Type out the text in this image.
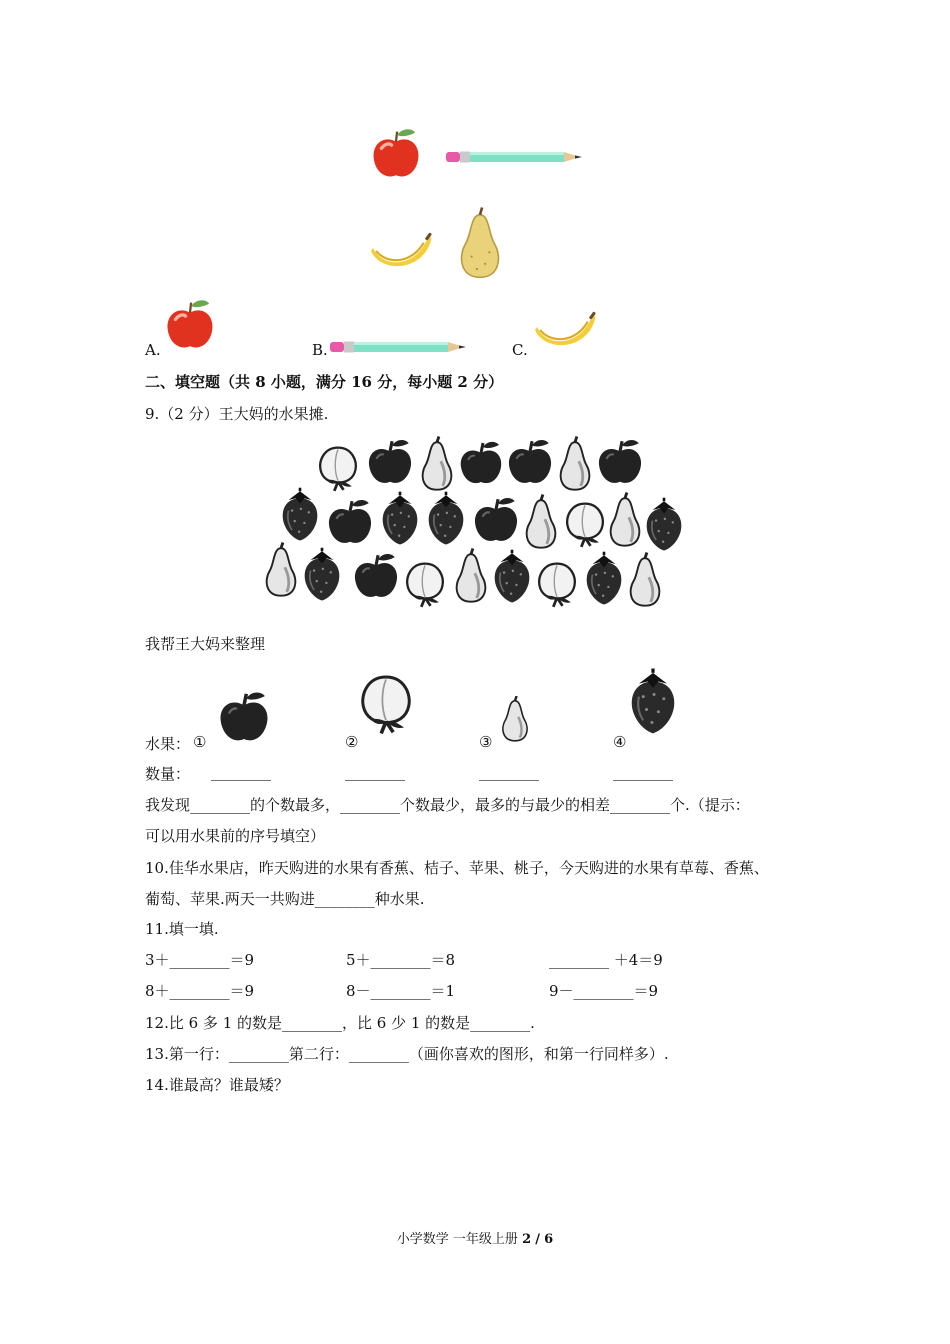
A.	B.	C.
二、填空题（共 8 小题，满分 16 分，每小题 2 分）
9.（2 分）王大妈的水果摊.
我帮王大妈来整理
水果： ①	②	③	④
数量： ________	________	________	________
我发现________的个数最多，________个数最少，最多的与最少的相差________个.（提示：
可以用水果前的序号填空）
10.佳华水果店，昨天购进的水果有香蕉、桔子、苹果、桃子，今天购进的水果有草莓、香蕉、
葡萄、苹果.两天一共购进________种水果.
11.填一填.
3＋________＝9	5＋________＝8	________ ＋4＝9
8＋________＝9	8－________＝1	9－________＝9
12.比 6 多 1 的数是________，比 6 少 1 的数是________.
13.第一行：________第二行：________（画你喜欢的图形，和第一行同样多）.
14.谁最高？谁最矮？
小学数学 一年级上册 2 / 6
